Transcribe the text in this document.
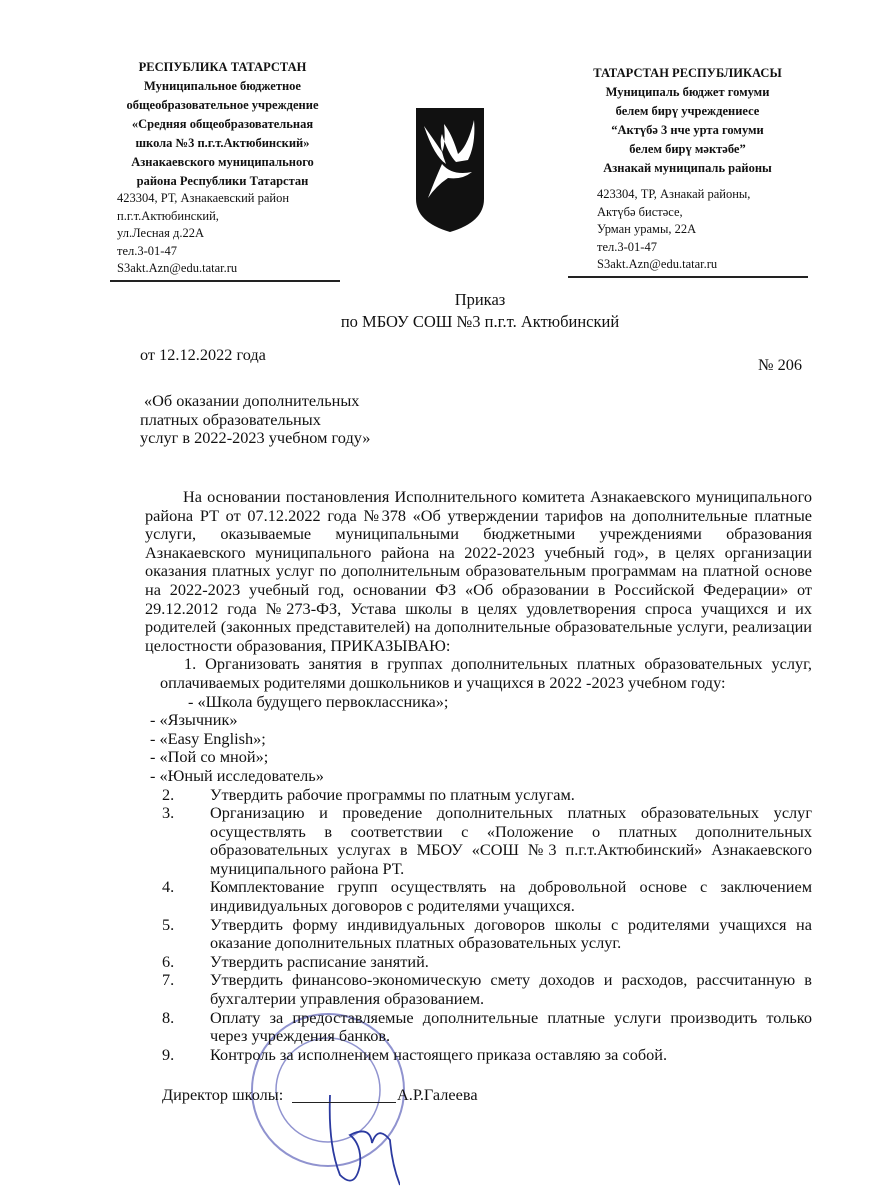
РЕСПУБЛИКА ТАТАРСТАН
Муниципальное бюджетное
общеобразовательное учреждение
«Средняя общеобразовательная
школа №3 п.г.т.Актюбинский»
Азнакаевского муниципального
района Республики Татарстан
423304, РТ, Азнакаевский район
п.г.т.Актюбинский,
ул.Лесная д.22А
тел.3-01-47
S3akt.Azn@edu.tatar.ru
ТАТАРСТАН РЕСПУБЛИКАСЫ
Муниципаль бюджет гомуми
белем бирү учреждениесе
“Актүбә 3 нче урта гомуми
белем бирү мәктәбе”
Азнакай муниципаль районы
423304, ТР, Азнакай районы,
Актүбә бистәсе,
Урман урамы, 22А
тел.3-01-47
S3akt.Azn@edu.tatar.ru
Приказ
по МБОУ СОШ №3 п.г.т. Актюбинский
от 12.12.2022 года
№ 206
«Об оказании дополнительных
платных образовательных
услуг в 2022-2023 учебном году»
На основании постановления Исполнительного комитета Азнакаевского муниципального района РТ от 07.12.2022 года №378 «Об утверждении тарифов на дополнительные платные услуги, оказываемые муниципальными бюджетными учреждениями образования Азнакаевского муниципального района на 2022-2023 учебный год», в целях организации оказания платных услуг по дополнительным образовательным программам на платной основе на 2022-2023 учебный год, основании ФЗ «Об образовании в Российской Федерации» от 29.12.2012 года №273-ФЗ, Устава школы в целях удовлетворения спроса учащихся и их родителей (законных представителей) на дополнительные образовательные услуги, реализации целостности образования, ПРИКАЗЫВАЮ:
1. Организовать занятия в группах дополнительных платных образовательных услуг, оплачиваемых родителями дошкольников и учащихся в 2022 -2023 учебном году:
- «Школа будущего первоклассника»;
- «Язычник»
- «Easy English»;
- «Пой со мной»;
- «Юный исследователь»
2.	Утвердить рабочие программы по платным услугам.
3.	Организацию и проведение дополнительных платных образовательных услуг осуществлять в соответствии с «Положение о платных дополнительных образовательных услугах в МБОУ «СОШ №3 п.г.т.Актюбинский» Азнакаевского муниципального района РТ.
4.	Комплектование групп осуществлять на добровольной основе с заключением индивидуальных договоров с родителями учащихся.
5.	Утвердить форму индивидуальных договоров школы с родителями учащихся на оказание дополнительных платных образовательных услуг.
6.	Утвердить расписание занятий.
7.	Утвердить финансово-экономическую смету доходов и расходов, рассчитанную в бухгалтерии управления образованием.
8.	Оплату за предоставляемые дополнительные платные услуги производить только через учреждения банков.
9.	Контроль за исполнением настоящего приказа оставляю за собой.
Директор школы:	А.Р.Галеева
